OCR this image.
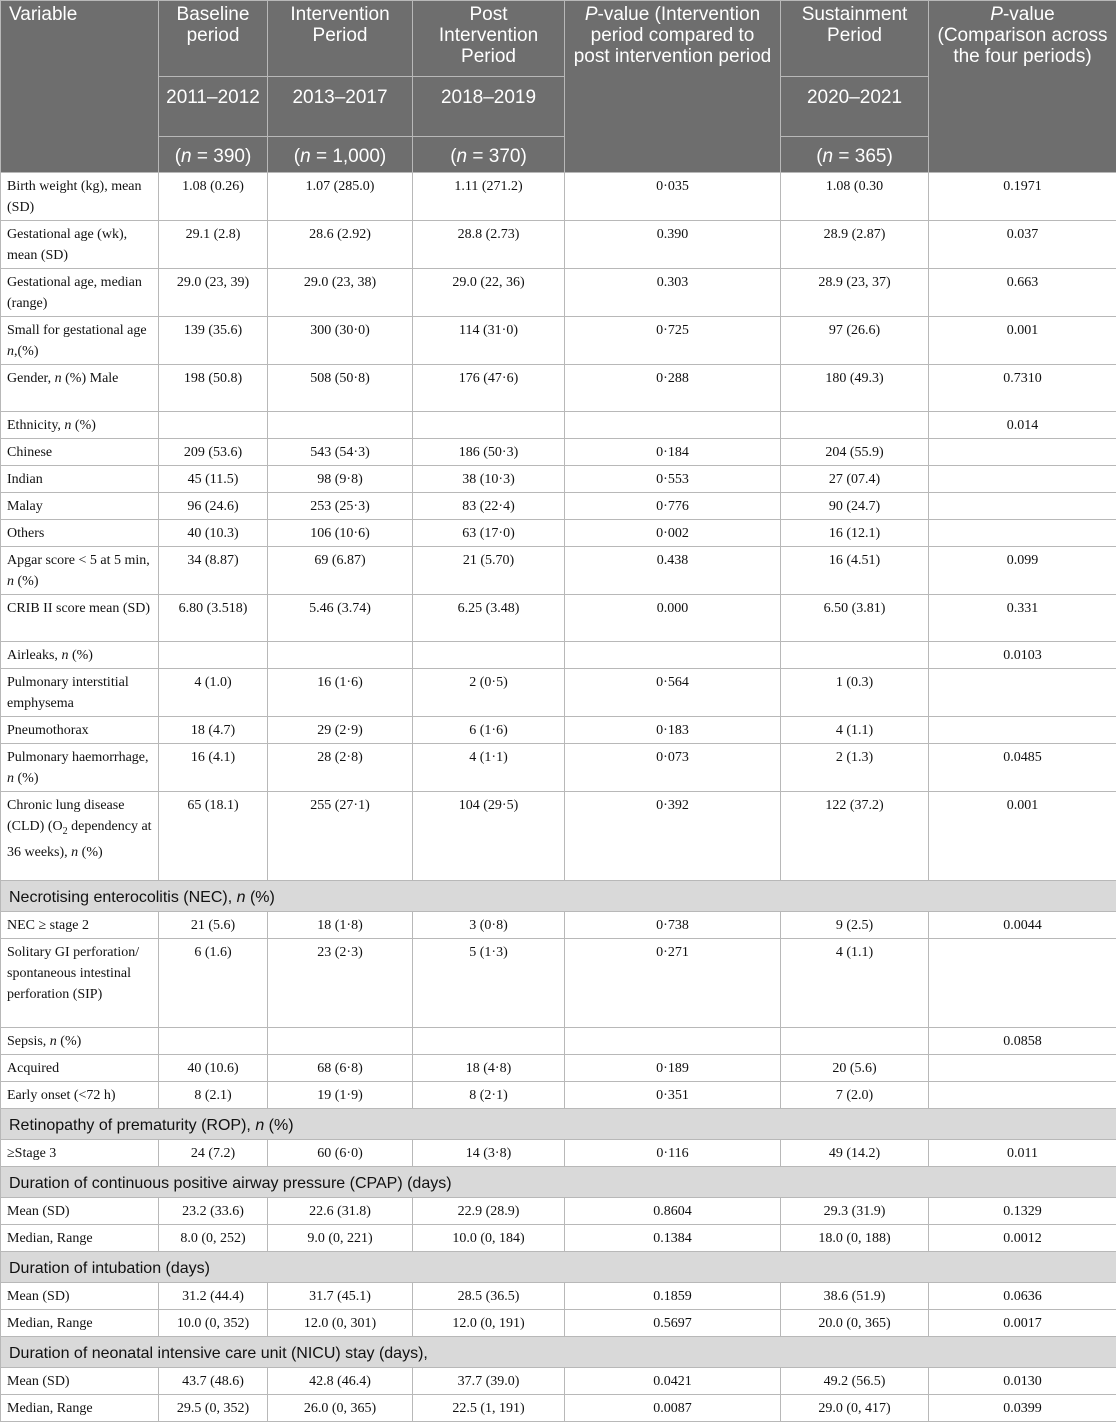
Variable	Baseline period	Intervention Period	Post Intervention Period	P-value (Intervention period compared to post intervention period	Sustainment Period	P-value (Comparison across the four periods)
	2011–2012	2013–2017	2018–2019		2020–2021	
	(n = 390)	(n = 1,000)	(n = 370)		(n = 365)	
Birth weight (kg), mean (SD)	1.08 (0.26)	1.07 (285.0)	1.11 (271.2)	0·035	1.08 (0.30	0.1971
Gestational age (wk), mean (SD)	29.1 (2.8)	28.6 (2.92)	28.8 (2.73)	0.390	28.9 (2.87)	0.037
Gestational age, median (range)	29.0 (23, 39)	29.0 (23, 38)	29.0 (22, 36)	0.303	28.9 (23, 37)	0.663
Small for gestational age n,(%)	139 (35.6)	300 (30·0)	114 (31·0)	0·725	97 (26.6)	0.001
Gender, n (%) Male	198 (50.8)	508 (50·8)	176 (47·6)	0·288	180 (49.3)	0.7310
Ethnicity, n (%)						0.014
Chinese	209 (53.6)	543 (54·3)	186 (50·3)	0·184	204 (55.9)	
Indian	45 (11.5)	98 (9·8)	38 (10·3)	0·553	27 (07.4)	
Malay	96 (24.6)	253 (25·3)	83 (22·4)	0·776	90 (24.7)	
Others	40 (10.3)	106 (10·6)	63 (17·0)	0·002	16 (12.1)	
Apgar score < 5 at 5 min, n (%)	34 (8.87)	69 (6.87)	21 (5.70)	0.438	16 (4.51)	0.099
CRIB II score mean (SD)	6.80 (3.518)	5.46 (3.74)	6.25 (3.48)	0.000	6.50 (3.81)	0.331
Airleaks, n (%)						0.0103
Pulmonary interstitial emphysema	4 (1.0)	16 (1·6)	2 (0·5)	0·564	1 (0.3)	
Pneumothorax	18 (4.7)	29 (2·9)	6 (1·6)	0·183	4 (1.1)	
Pulmonary haemorrhage, n (%)	16 (4.1)	28 (2·8)	4 (1·1)	0·073	2 (1.3)	0.0485
Chronic lung disease (CLD) ($O_2$ dependency at 36 weeks), n (%)	65 (18.1)	255 (27·1)	104 (29·5)	0·392	122 (37.2)	0.001
Necrotising enterocolitis (NEC), n (%)						
NEC ≥ stage 2	21 (5.6)	18 (1·8)	3 (0·8)	0·738	9 (2.5)	0.0044
Solitary GI perforation/ spontaneous intestinal perforation (SIP)	6 (1.6)	23 (2·3)	5 (1·3)	0·271	4 (1.1)	
Sepsis, n (%)						0.0858
Acquired	40 (10.6)	68 (6·8)	18 (4·8)	0·189	20 (5.6)	
Early onset (<72 h)	8 (2.1)	19 (1·9)	8 (2·1)	0·351	7 (2.0)	
Retinopathy of prematurity (ROP), n (%)						
≥Stage 3	24 (7.2)	60 (6·0)	14 (3·8)	0·116	49 (14.2)	0.011
Duration of continuous positive airway pressure (CPAP) (days)						
Mean (SD)	23.2 (33.6)	22.6 (31.8)	22.9 (28.9)	0.8604	29.3 (31.9)	0.1329
Median, Range	8.0 (0, 252)	9.0 (0, 221)	10.0 (0, 184)	0.1384	18.0 (0, 188)	0.0012
Duration of intubation (days)						
Mean (SD)	31.2 (44.4)	31.7 (45.1)	28.5 (36.5)	0.1859	38.6 (51.9)	0.0636
Median, Range	10.0 (0, 352)	12.0 (0, 301)	12.0 (0, 191)	0.5697	20.0 (0, 365)	0.0017
Duration of neonatal intensive care unit (NICU) stay (days),						
Mean (SD)	43.7 (48.6)	42.8 (46.4)	37.7 (39.0)	0.0421	49.2 (56.5)	0.0130
Median, Range	29.5 (0, 352)	26.0 (0, 365)	22.5 (1, 191)	0.0087	29.0 (0, 417)	0.0399
